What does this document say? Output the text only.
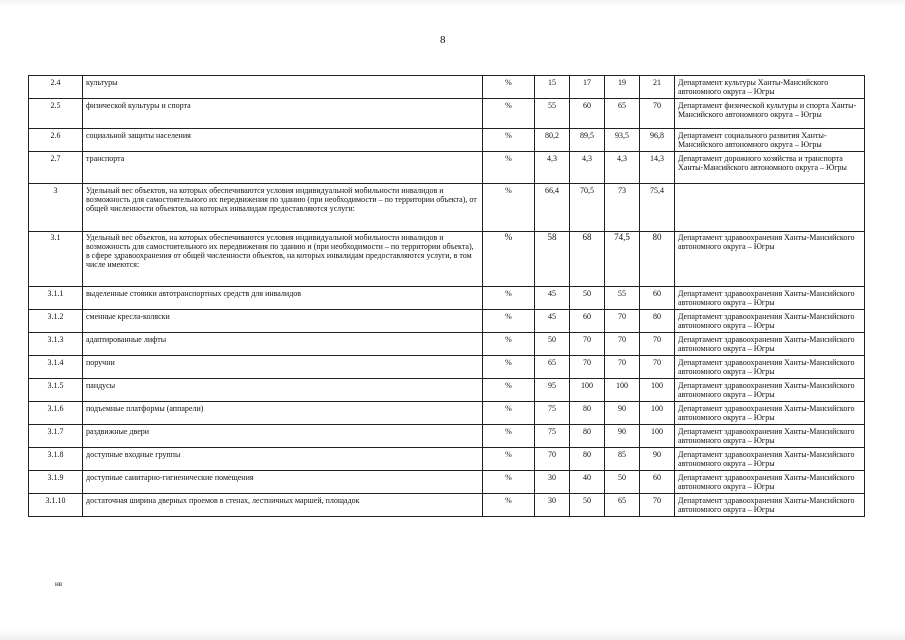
8
2.4	культуры	%	15	17	19	21	Департамент культуры Ханты-Мансийского автономного округа – Югры
2.5	физической культуры и спорта	%	55	60	65	70	Департамент физической культуры и спорта Ханты-Мансийского автономного округа – Югры
2.6	социальной защиты населения	%	80,2	89,5	93,5	96,8	Департамент социального развития Ханты-Мансийского автономного округа – Югры
2.7	транспорта	%	4,3	4,3	4,3	14,3	Департамент дорожного хозяйства и транспорта Ханты-Мансийского автономного округа – Югры
3	Удельный вес объектов, на которых обеспечиваются условия индивидуальной мобильности инвалидов и возможность для самостоятельного их передвижения по зданию (при необходимости – по территории объекта), от общей численности объектов, на которых инвалидам предоставляются услуги:	%	66,4	70,5	73	75,4	
3.1	Удельный вес объектов, на которых обеспечиваются условия индивидуальной мобильности инвалидов и возможность для самостоятельного их передвижения по зданию и (при необходимости – по территории объекта), в сфере здравоохранения от общей численности объектов, на которых инвалидам предоставляются услуги, в том числе имеются:	%	58	68	74,5	80	Департамент здравоохранения Ханты-Мансийского автономного округа – Югры
3.1.1	выделенные стоянки автотранспортных средств для инвалидов	%	45	50	55	60	Департамент здравоохранения Ханты-Мансийского автономного округа – Югры
3.1.2	сменные кресла-коляски	%	45	60	70	80	Департамент здравоохранения Ханты-Мансийского автономного округа – Югры
3.1.3	адаптированные лифты	%	50	70	70	70	Департамент здравоохранения Ханты-Мансийского автономного округа – Югры
3.1.4	поручни	%	65	70	70	70	Департамент здравоохранения Ханты-Мансийского автономного округа – Югры
3.1.5	пандусы	%	95	100	100	100	Департамент здравоохранения Ханты-Мансийского автономного округа – Югры
3.1.6	подъемные платформы (аппарели)	%	75	80	90	100	Департамент здравоохранения Ханты-Мансийского автономного округа – Югры
3.1.7	раздвижные двери	%	75	80	90	100	Департамент здравоохранения Ханты-Мансийского автономного округа – Югры
3.1.8	доступные входные группы	%	70	80	85	90	Департамент здравоохранения Ханты-Мансийского автономного округа – Югры
3.1.9	доступные санитарно-гигиенические помещения	%	30	40	50	60	Департамент здравоохранения Ханты-Мансийского автономного округа – Югры
3.1.10	достаточная ширина дверных проемов в стенах, лестничных маршей, площадок	%	30	50	65	70	Департамент здравоохранения Ханты-Мансийского автономного округа – Югры
нв
